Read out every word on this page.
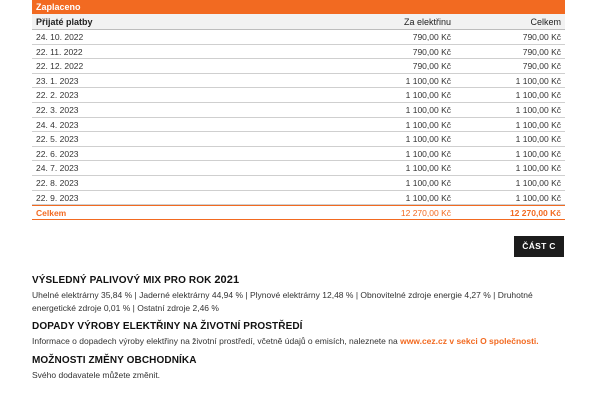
Zaplaceno
Přijaté platby	Za elektřinu	Celkem
24. 10. 2022	790,00 Kč	790,00 Kč
22. 11. 2022	790,00 Kč	790,00 Kč
22. 12. 2022	790,00 Kč	790,00 Kč
23. 1. 2023	1 100,00 Kč	1 100,00 Kč
22. 2. 2023	1 100,00 Kč	1 100,00 Kč
22. 3. 2023	1 100,00 Kč	1 100,00 Kč
24. 4. 2023	1 100,00 Kč	1 100,00 Kč
22. 5. 2023	1 100,00 Kč	1 100,00 Kč
22. 6. 2023	1 100,00 Kč	1 100,00 Kč
24. 7. 2023	1 100,00 Kč	1 100,00 Kč
22. 8. 2023	1 100,00 Kč	1 100,00 Kč
22. 9. 2023	1 100,00 Kč	1 100,00 Kč
Celkem	12 270,00 Kč	12 270,00 Kč
ČÁST C
VÝSLEDNÝ PALIVOVÝ MIX PRO ROK 2021
Uhelné elektrárny 35,84 % | Jaderné elektrárny 44,94 % | Plynové elektrárny 12,48 % | Obnovitelné zdroje energie 4,27 % | Druhotné energetické zdroje 0,01 % | Ostatní zdroje 2,46 %
DOPADY VÝROBY ELEKTŘINY NA ŽIVOTNÍ PROSTŘEDÍ
Informace o dopadech výroby elektřiny na životní prostředí, včetně údajů o emisích, naleznete na www.cez.cz v sekci O společnosti.
MOŽNOSTI ZMĚNY OBCHODNÍKA
Svého dodavatele můžete změnit.
